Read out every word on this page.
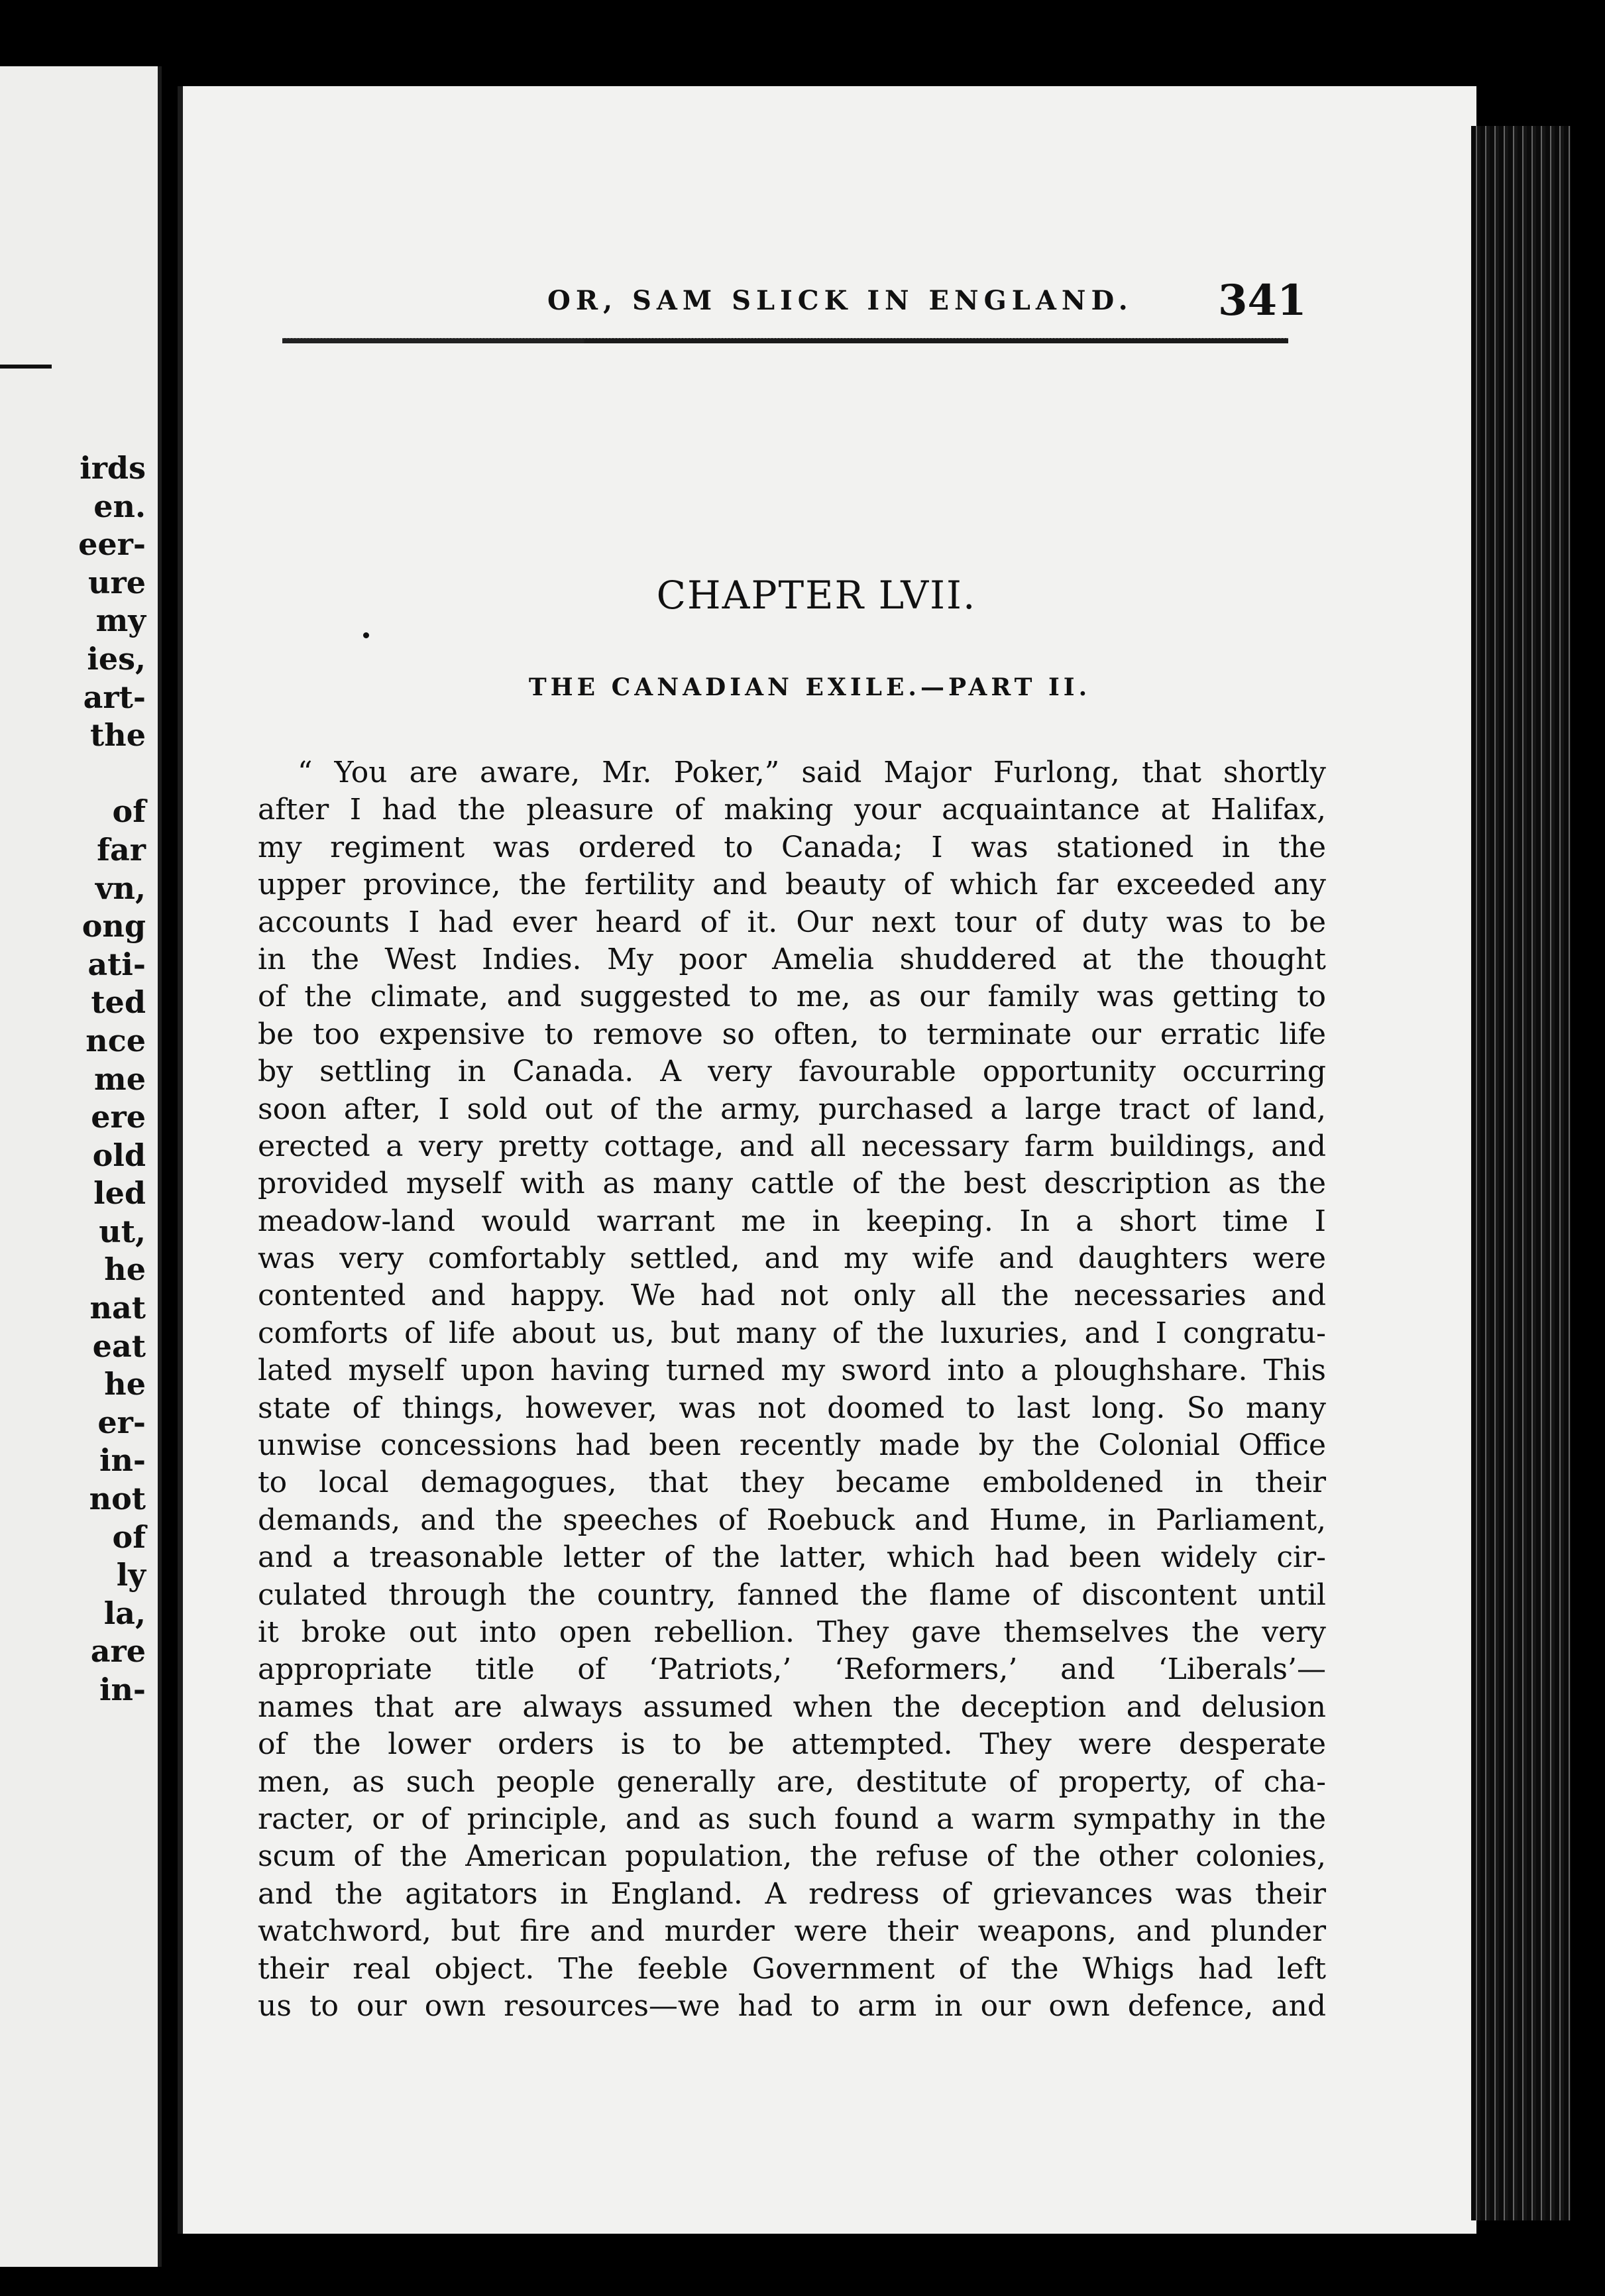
irds
en.
eer-
ure
my
ies,
art-
the
of
far
vn,
ong
ati-
ted
nce
me
ere
old
led
ut,
he
nat
eat
he
er-
in-
not
of
ly
la,
are
in-
OR, SAM SLICK IN ENGLAND. 341
CHAPTER LVII.
THE CANADIAN EXILE.—PART II.
“ You are aware, Mr. Poker,” said Major Furlong, that shortly
after I had the pleasure of making your acquaintance at Halifax,
my regiment was ordered to Canada; I was stationed in the
upper province, the fertility and beauty of which far exceeded any
accounts I had ever heard of it. Our next tour of duty was to be
in the West Indies. My poor Amelia shuddered at the thought
of the climate, and suggested to me, as our family was getting to
be too expensive to remove so often, to terminate our erratic life
by settling in Canada. A very favourable opportunity occurring
soon after, I sold out of the army, purchased a large tract of land,
erected a very pretty cottage, and all necessary farm buildings, and
provided myself with as many cattle of the best description as the
meadow-land would warrant me in keeping. In a short time I
was very comfortably settled, and my wife and daughters were
contented and happy. We had not only all the necessaries and
comforts of life about us, but many of the luxuries, and I congratu-
lated myself upon having turned my sword into a ploughshare. This
state of things, however, was not doomed to last long. So many
unwise concessions had been recently made by the Colonial Office
to local demagogues, that they became emboldened in their
demands, and the speeches of Roebuck and Hume, in Parliament,
and a treasonable letter of the latter, which had been widely cir-
culated through the country, fanned the flame of discontent until
it broke out into open rebellion. They gave themselves the very
appropriate title of ‘Patriots,’ ‘Reformers,’ and ‘Liberals’—
names that are always assumed when the deception and delusion
of the lower orders is to be attempted. They were desperate
men, as such people generally are, destitute of property, of cha-
racter, or of principle, and as such found a warm sympathy in the
scum of the American population, the refuse of the other colonies,
and the agitators in England. A redress of grievances was their
watchword, but fire and murder were their weapons, and plunder
their real object. The feeble Government of the Whigs had left
us to our own resources—we had to arm in our own defence, and
